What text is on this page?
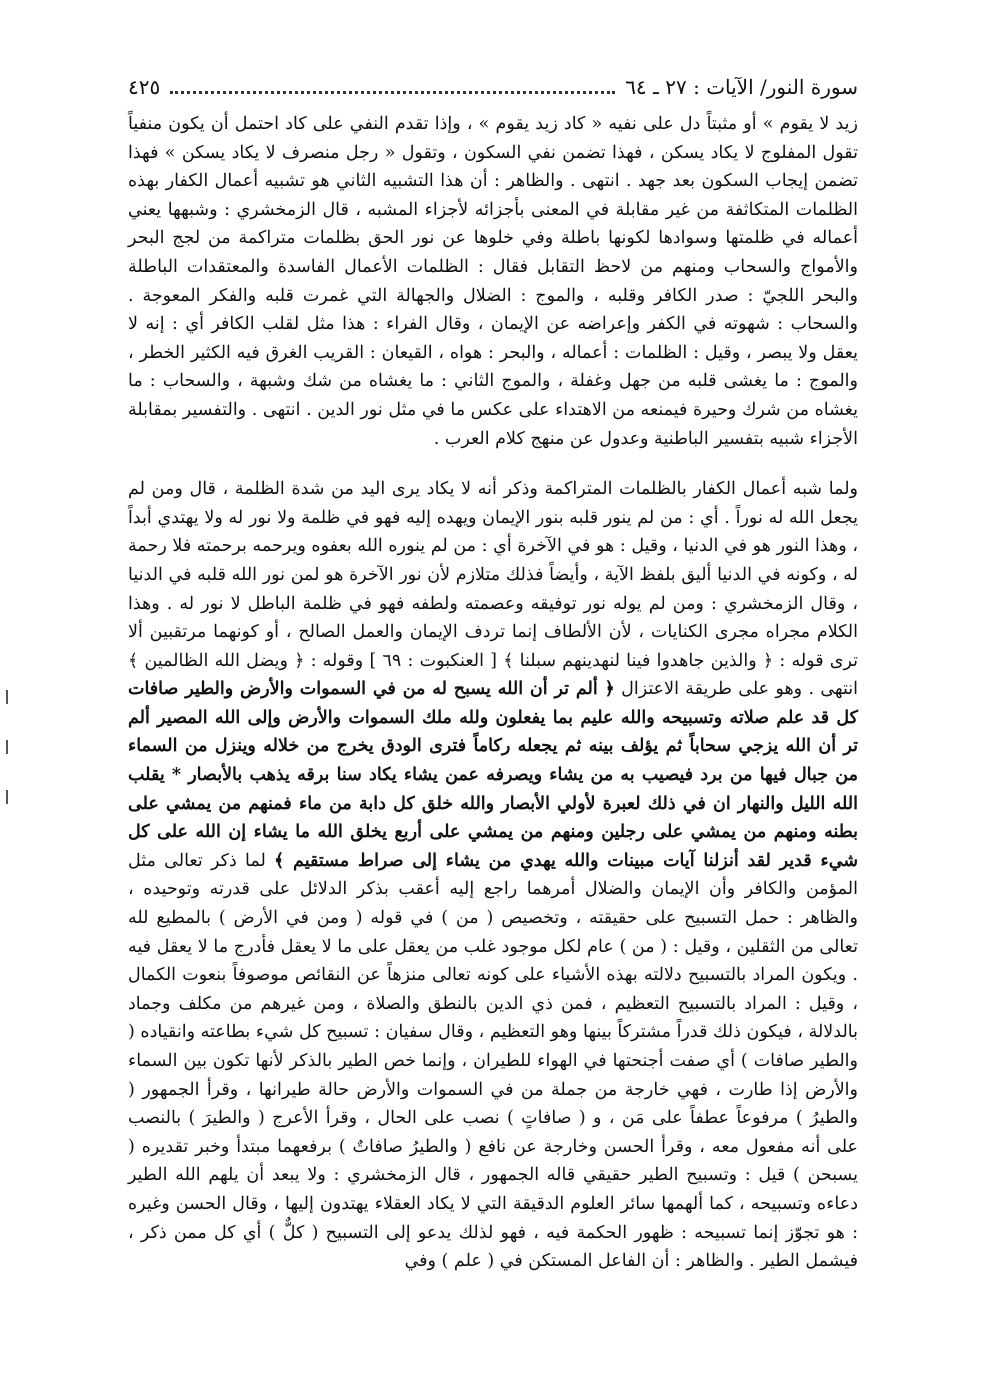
سورة النور/ الآيات : ٢٧ ـ ٦٤
٤٢٥

زيد لا يقوم » أو مثبتاً دل على نفيه « كاد زيد يقوم » ، وإذا تقدم النفي على كاد احتمل أن يكون منفياً تقول المفلوج لا يكاد يسكن ، فهذا تضمن نفي السكون ، وتقول « رجل منصرف لا يكاد يسكن » فهذا تضمن إيجاب السكون بعد جهد . انتهى . والظاهر : أن هذا التشبيه الثاني هو تشبيه أعمال الكفار بهذه الظلمات المتكاثفة من غير مقابلة في المعنى بأجزائه لأجزاء المشبه ، قال الزمخشري : وشبهها يعني أعماله في ظلمتها وسوادها لكونها باطلة وفي خلوها عن نور الحق بظلمات متراكمة من لجج البحر والأمواج والسحاب ومنهم من لاحظ التقابل فقال : الظلمات الأعمال الفاسدة والمعتقدات الباطلة والبحر اللجيّ : صدر الكافر وقلبه ، والموج : الضلال والجهالة التي غمرت قلبه والفكر المعوجة . والسحاب : شهوته في الكفر وإعراضه عن الإيمان ، وقال الفراء : هذا مثل لقلب الكافر أي : إنه لا يعقل ولا يبصر ، وقيل : الظلمات : أعماله ، والبحر : هواه ، القيعان : القريب الغرق فيه الكثير الخطر ، والموج : ما يغشى قلبه من جهل وغفلة ، والموج الثاني : ما يغشاه من شك وشبهة ، والسحاب : ما يغشاه من شرك وحيرة فيمنعه من الاهتداء على عكس ما في مثل نور الدين . انتهى . والتفسير بمقابلة الأجزاء شبيه بتفسير الباطنية وعدول عن منهج كلام العرب .

ولما شبه أعمال الكفار بالظلمات المتراكمة وذكر أنه لا يكاد يرى اليد من شدة الظلمة ، قال ومن لم يجعل الله له نوراً . أي : من لم ينور قلبه بنور الإيمان ويهده إليه فهو في ظلمة ولا نور له ولا يهتدي أبداً ، وهذا النور هو في الدنيا ، وقيل : هو في الآخرة أي : من لم ينوره الله بعفوه ويرحمه برحمته فلا رحمة له ، وكونه في الدنيا أليق بلفظ الآية ، وأيضاً فذلك متلازم لأن نور الآخرة هو لمن نور الله قلبه في الدنيا ، وقال الزمخشري : ومن لم يوله نور توفيقه وعصمته ولطفه فهو في ظلمة الباطل لا نور له . وهذا الكلام مجراه مجرى الكنايات ، لأن الألطاف إنما تردف الإيمان والعمل الصالح ، أو كونهما مرتقبين ألا ترى قوله : ﴿ والذين جاهدوا فينا لنهدينهم سبلنا ﴾ [ العنكبوت : ٦٩ ] وقوله : ﴿ ويضل الله الظالمين ﴾ انتهى . وهو على طريقة الاعتزال ﴿ ألم تر أن الله يسبح له من في السموات والأرض والطير صافات كل قد علم صلاته وتسبيحه والله عليم بما يفعلون ولله ملك السموات والأرض وإلى الله المصير ألم تر أن الله يزجي سحاباً ثم يؤلف بينه ثم يجعله ركاماً فترى الودق يخرج من خلاله وينزل من السماء من جبال فيها من برد فيصيب به من يشاء ويصرفه عمن يشاء يكاد سنا برقه يذهب بالأبصار * يقلب الله الليل والنهار ان في ذلك لعبرة لأولي الأبصار والله خلق كل دابة من ماء فمنهم من يمشي على بطنه ومنهم من يمشي على رجلين ومنهم من يمشي على أربع يخلق الله ما يشاء إن الله على كل شيء قدير لقد أنزلنا آيات مبينات والله يهدي من يشاء إلى صراط مستقيم ﴾ لما ذكر تعالى مثل المؤمن والكافر وأن الإيمان والضلال أمرهما راجع إليه أعقب بذكر الدلائل على قدرته وتوحيده ، والظاهر : حمل التسبيح على حقيقته ، وتخصيص ( من ) في قوله ( ومن في الأرض ) بالمطيع لله تعالى من الثقلين ، وقيل : ( من ) عام لكل موجود غلب من يعقل على ما لا يعقل فأدرج ما لا يعقل فيه . ويكون المراد بالتسبيح دلالته بهذه الأشياء على كونه تعالى منزهاً عن النقائص موصوفاً بنعوت الكمال ، وقيل : المراد بالتسبيح التعظيم ، فمن ذي الدين بالنطق والصلاة ، ومن غيرهم من مكلف وجماد بالدلالة ، فيكون ذلك قدراً مشتركاً بينها وهو التعظيم ، وقال سفيان : تسبيح كل شيء بطاعته وانقياده ( والطير صافات ) أي صفت أجنحتها في الهواء للطيران ، وإنما خص الطير بالذكر لأنها تكون بين السماء والأرض إذا طارت ، فهي خارجة من جملة من في السموات والأرض حالة طيرانها ، وقرأ الجمهور ( والطيرُ ) مرفوعاً عطفاً على مَن ، و ( صافاتٍ ) نصب على الحال ، وقرأ الأعرج ( والطيرَ ) بالنصب على أنه مفعول معه ، وقرأ الحسن وخارجة عن نافع ( والطيرُ صافاتٌ ) برفعهما مبتدأ وخبر تقديره ( يسبحن ) قيل : وتسبيح الطير حقيقي قاله الجمهور ، قال الزمخشري : ولا يبعد أن يلهم الله الطير دعاءه وتسبيحه ، كما ألهمها سائر العلوم الدقيقة التي لا يكاد العقلاء يهتدون إليها ، وقال الحسن وغيره : هو تجوّز إنما تسبيحه : ظهور الحكمة فيه ، فهو لذلك يدعو إلى التسبيح ( كلٌّ ) أي كل ممن ذكر ، فيشمل الطير . والظاهر : أن الفاعل المستكن في ( علم ) وفي
